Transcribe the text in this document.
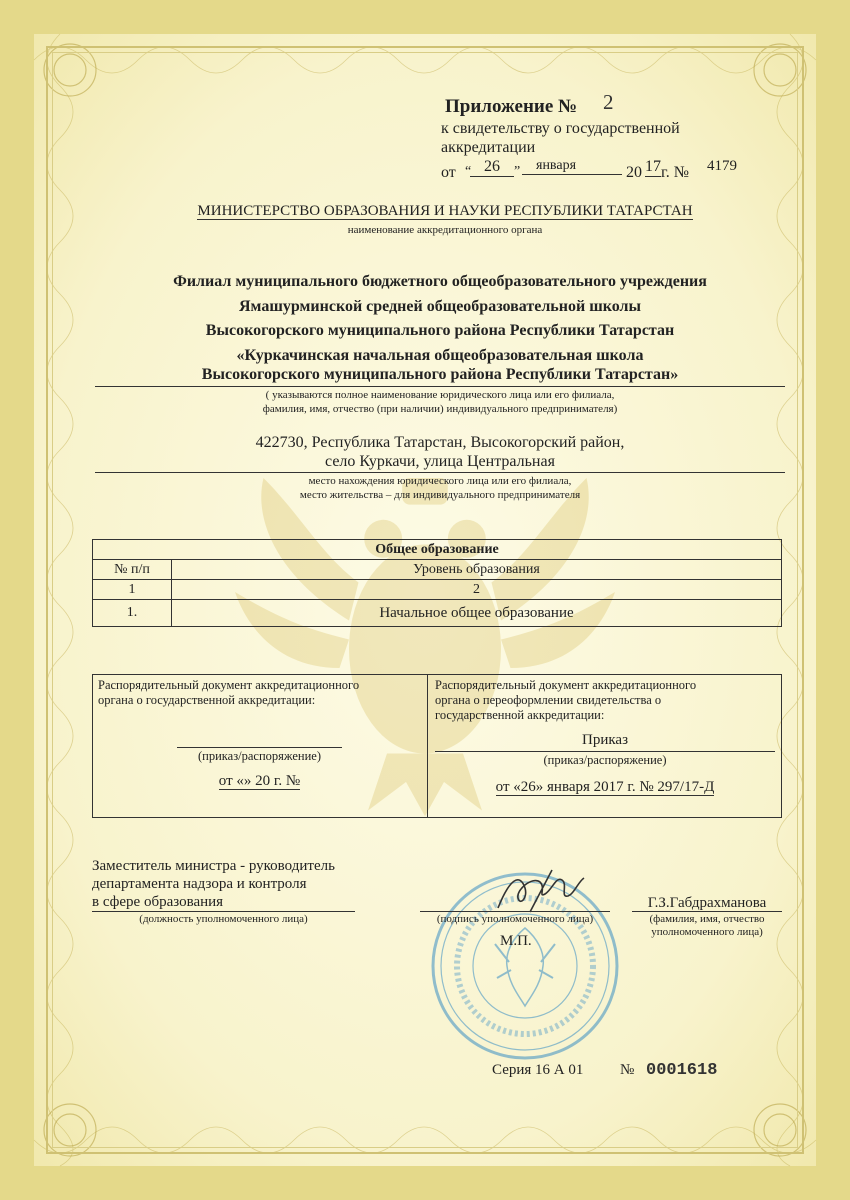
Приложение № 2
к свидетельству о государственной
аккредитации
от “ 26	”	января	20 17 г. № 4179
МИНИСТЕРСТВО ОБРАЗОВАНИЯ И НАУКИ РЕСПУБЛИКИ ТАТАРСТАН
наименование аккредитационного органа
Филиал муниципального бюджетного общеобразовательного учреждения
Ямашурминской средней общеобразовательной школы
Высокогорского муниципального района Республики Татарстан
«Куркачинская начальная общеобразовательная школа
Высокогорского муниципального района Республики Татарстан»
( указываются полное наименование юридического лица или его филиала,
фамилия, имя, отчество (при наличии) индивидуального предпринимателя)
422730, Республика Татарстан, Высокогорский район,
село Куркачи, улица Центральная
место нахождения юридического лица или его филиала,
место жительства – для индивидуального предпринимателя
Общее образование	
№ п/п	Уровень образования
1	2
1.	Начальное общее образование
Распорядительный документ аккредитационного
органа о государственной аккредитации:
(приказ/распоряжение)
от «» 20 г. №
Распорядительный документ аккредитационного
органа о переоформлении свидетельства о
государственной аккредитации:
Приказ
(приказ/распоряжение)
от «26» января 2017 г. № 297/17-Д
Заместитель министра - руководитель
департамента надзора и контроля
в сфере образования
(должность уполномоченного лица)	(подпись уполномоченного лица)
М.П.
Г.З.Габдрахманова
(фамилия, имя, отчество
уполномоченного лица)
Серия 16 А 01 № 0001618
